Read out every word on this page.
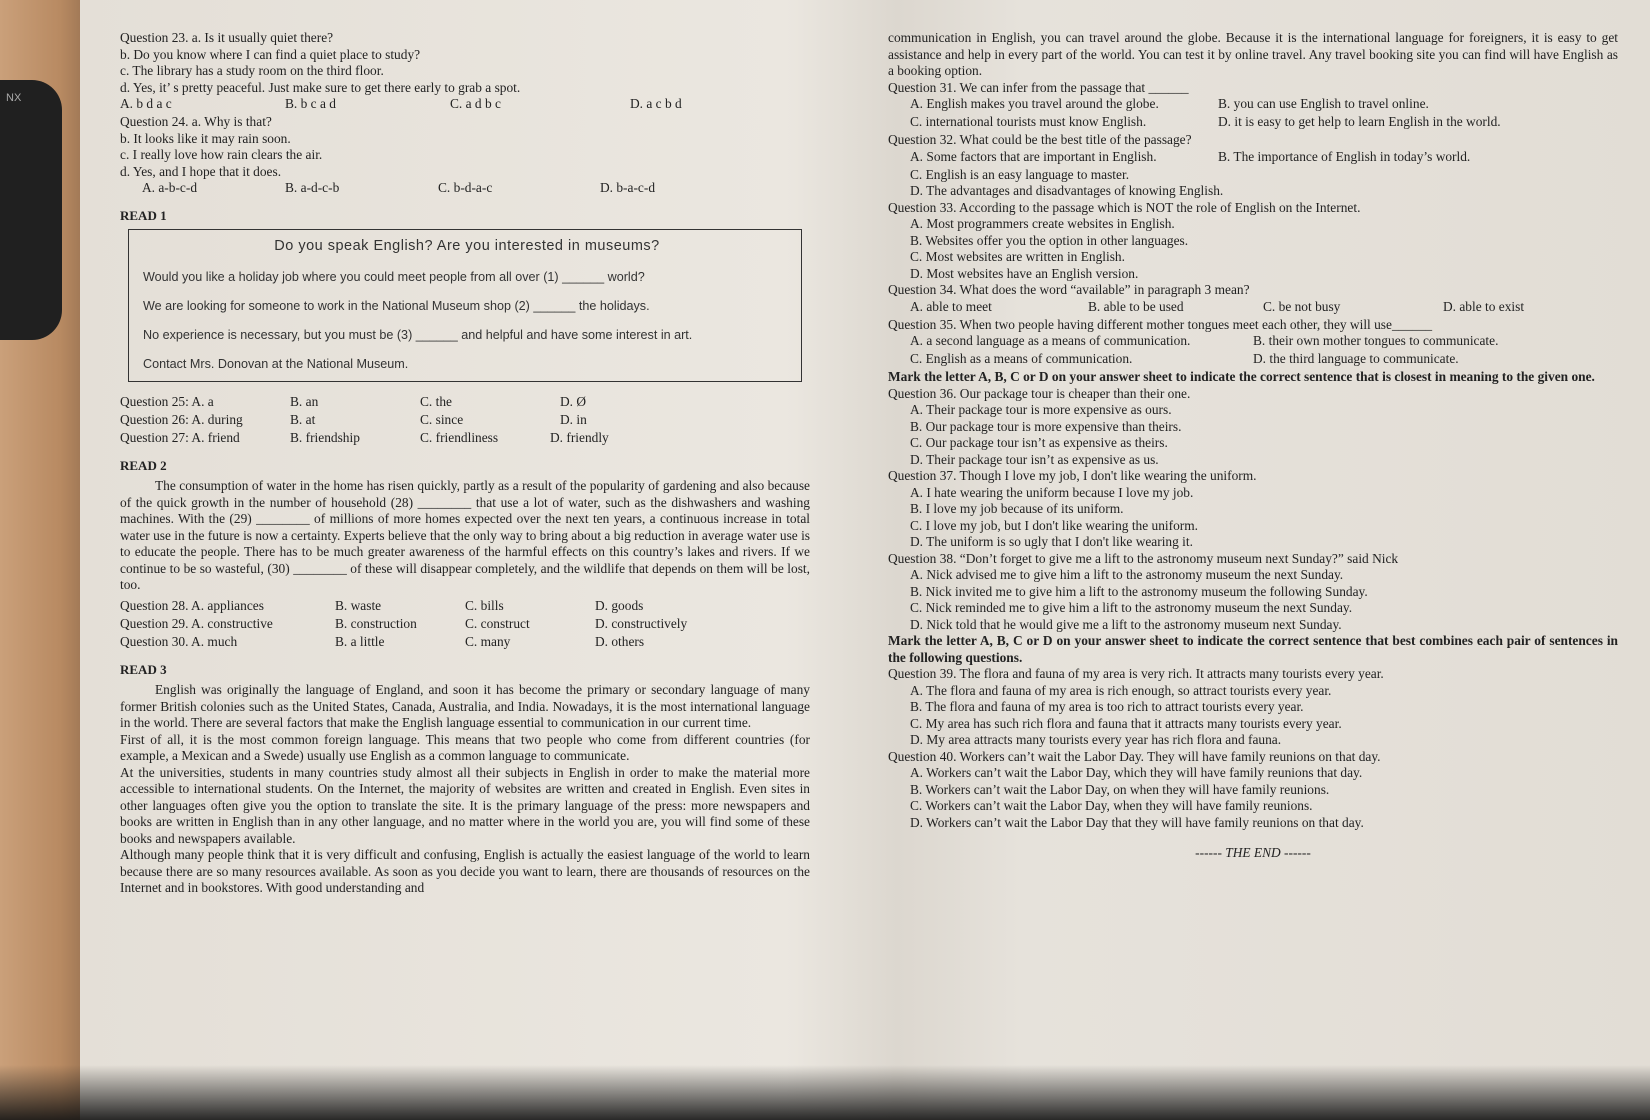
NX
Question 23. a. Is it usually quiet there?
b. Do you know where I can find a quiet place to study?
c. The library has a study room on the third floor.
d. Yes, it’ s pretty peaceful. Just make sure to get there early to grab a spot.
A. b d a c	B. b c a d	C. a d b c	D. a c b d
Question 24. a. Why is that?
b. It looks like it may rain soon.
c. I really love how rain clears the air.
d. Yes, and I hope that it does.
A. a-b-c-d	B. a-d-c-b	C. b-d-a-c	D. b-a-c-d
READ 1
Do you speak English? Are you interested in museums?

Would you like a holiday job where you could meet people from all over (1) ______ world?

We are looking for someone to work in the National Museum shop (2) ______ the holidays.

No experience is necessary, but you must be (3) ______ and helpful and have some interest in art.

Contact Mrs. Donovan at the National Museum.

Question 25: A. a	B. an	C. the	D. Ø
Question 26: A. during	B. at	C. since	D. in
Question 27: A. friend	B. friendship	C. friendliness	D. friendly
READ 2
The consumption of water in the home has risen quickly, partly as a result of the popularity of gardening and also because of the quick growth in the number of household (28) ________ that use a lot of water, such as the dishwashers and washing machines. With the (29) ________ of millions of more homes expected over the next ten years, a continuous increase in total water use in the future is now a certainty. Experts believe that the only way to bring about a big reduction in average water use is to educate the people. There has to be much greater awareness of the harmful effects on this country’s lakes and rivers. If we continue to be so wasteful, (30) ________ of these will disappear completely, and the wildlife that depends on them will be lost, too.
Question 28. A. appliances	B. waste	C. bills	D. goods
Question 29. A. constructive	B. construction	C. construct	D. constructively
Question 30. A. much	B. a little	C. many	D. others
READ 3
English was originally the language of England, and soon it has become the primary or secondary language of many former British colonies such as the United States, Canada, Australia, and India. Nowadays, it is the most international language in the world. There are several factors that make the English language essential to communication in our current time.
First of all, it is the most common foreign language. This means that two people who come from different countries (for example, a Mexican and a Swede) usually use English as a common language to communicate.
At the universities, students in many countries study almost all their subjects in English in order to make the material more accessible to international students. On the Internet, the majority of websites are written and created in English. Even sites in other languages often give you the option to translate the site. It is the primary language of the press: more newspapers and books are written in English than in any other language, and no matter where in the world you are, you will find some of these books and newspapers available.
Although many people think that it is very difficult and confusing, English is actually the easiest language of the world to learn because there are so many resources available. As soon as you decide you want to learn, there are thousands of resources on the Internet and in bookstores. With good understanding and
communication in English, you can travel around the globe. Because it is the international language for foreigners, it is easy to get assistance and help in every part of the world. You can test it by online travel. Any travel booking site you can find will have English as a booking option.
Question 31. We can infer from the passage that ______
A. English makes you travel around the globe.	B. you can use English to travel online.
C. international tourists must know English.	D. it is easy to get help to learn English in the world.
Question 32. What could be the best title of the passage?
A. Some factors that are important in English.	B. The importance of English in today’s world.
C. English is an easy language to master.
D. The advantages and disadvantages of knowing English.
Question 33. According to the passage which is NOT the role of English on the Internet.
A. Most programmers create websites in English.
B. Websites offer you the option in other languages.
C. Most websites are written in English.
D. Most websites have an English version.
Question 34. What does the word “available” in paragraph 3 mean?
A. able to meet	B. able to be used	C. be not busy	D. able to exist
Question 35. When two people having different mother tongues meet each other, they will use______
A. a second language as a means of communication.	B. their own mother tongues to communicate.
C. English as a means of communication.	D. the third language to communicate.
Mark the letter A, B, C or D on your answer sheet to indicate the correct sentence that is closest in meaning to the given one.
Question 36. Our package tour is cheaper than their one.
A. Their package tour is more expensive as ours.
B. Our package tour is more expensive than theirs.
C. Our package tour isn’t as expensive as theirs.
D. Their package tour isn’t as expensive as us.
Question 37. Though I love my job, I don't like wearing the uniform.
A. I hate wearing the uniform because I love my job.
B. I love my job because of its uniform.
C. I love my job, but I don't like wearing the uniform.
D. The uniform is so ugly that I don't like wearing it.
Question 38. “Don’t forget to give me a lift to the astronomy museum next Sunday?” said Nick
A. Nick advised me to give him a lift to the astronomy museum the next Sunday.
B. Nick invited me to give him a lift to the astronomy museum the following Sunday.
C. Nick reminded me to give him a lift to the astronomy museum the next Sunday.
D. Nick told that he would give me a lift to the astronomy museum next Sunday.
Mark the letter A, B, C or D on your answer sheet to indicate the correct sentence that best combines each pair of sentences in the following questions.
Question 39. The flora and fauna of my area is very rich. It attracts many tourists every year.
A. The flora and fauna of my area is rich enough, so attract tourists every year.
B. The flora and fauna of my area is too rich to attract tourists every year.
C. My area has such rich flora and fauna that it attracts many tourists every year.
D. My area attracts many tourists every year has rich flora and fauna.
Question 40. Workers can’t wait the Labor Day. They will have family reunions on that day.
A. Workers can’t wait the Labor Day, which they will have family reunions that day.
B. Workers can’t wait the Labor Day, on when they will have family reunions.
C. Workers can’t wait the Labor Day, when they will have family reunions.
D. Workers can’t wait the Labor Day that they will have family reunions on that day.
------ THE END ------
